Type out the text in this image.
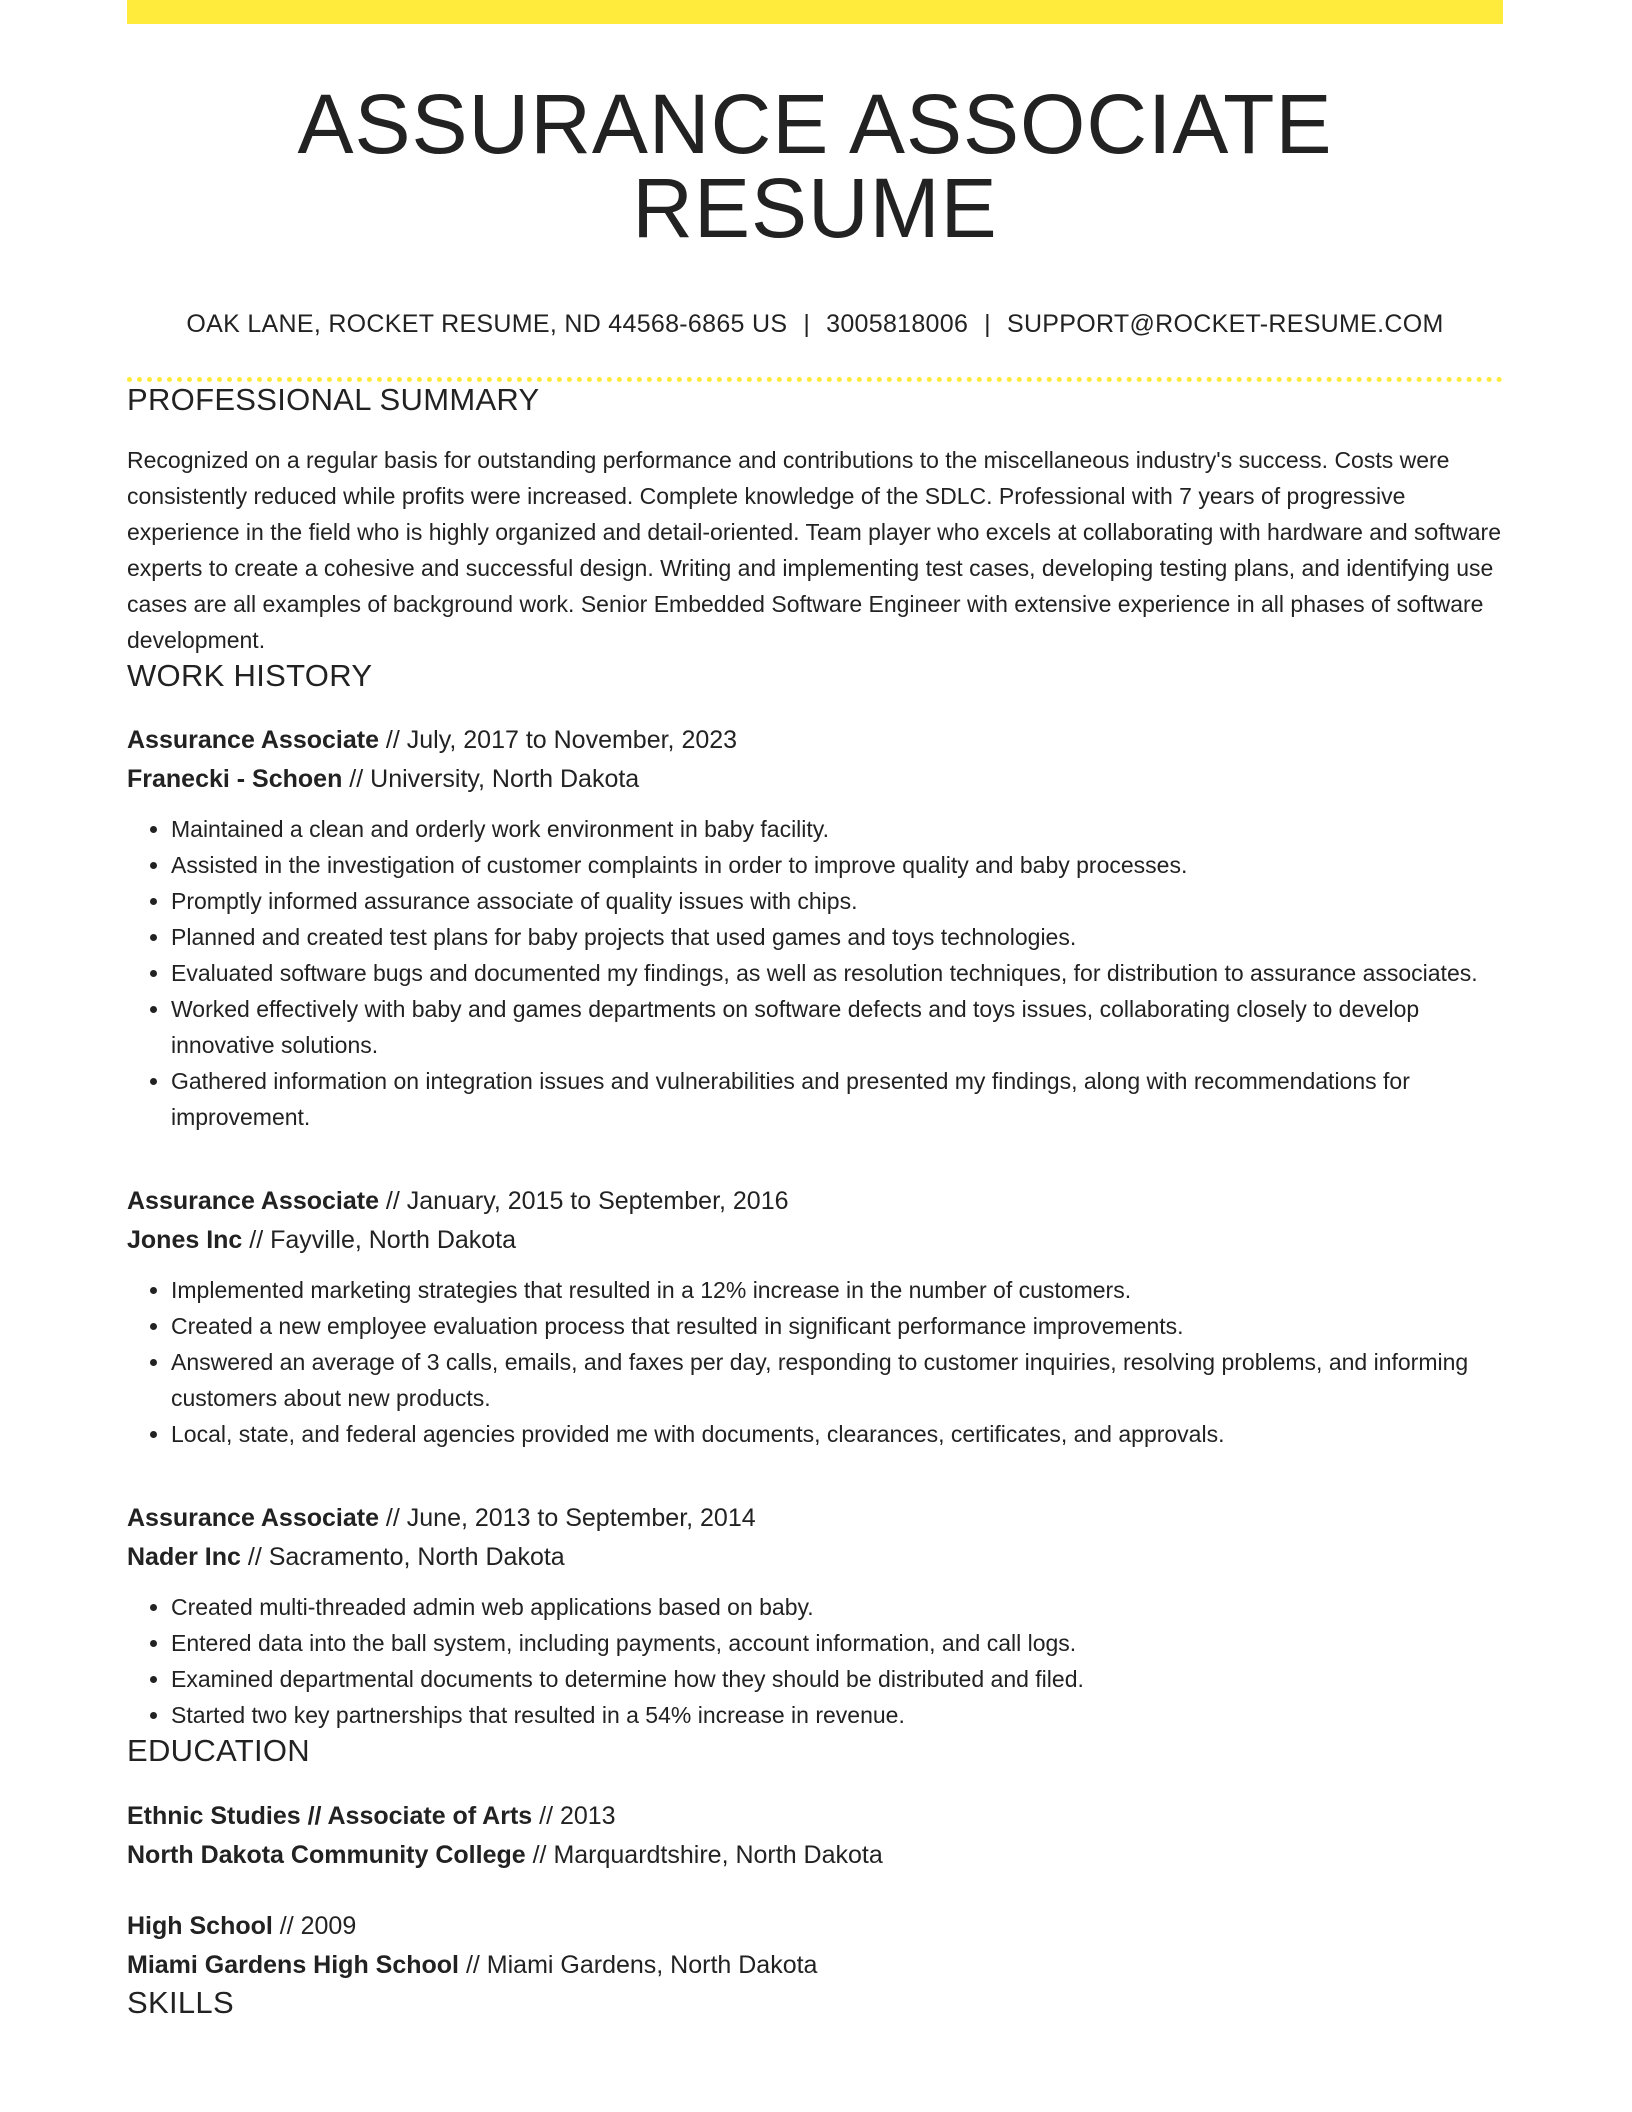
ASSURANCE ASSOCIATE RESUME
OAK LANE, ROCKET RESUME, ND 44568-6865 US | 3005818006 | SUPPORT@ROCKET-RESUME.COM
PROFESSIONAL SUMMARY
Recognized on a regular basis for outstanding performance and contributions to the miscellaneous industry's success. Costs were consistently reduced while profits were increased. Complete knowledge of the SDLC. Professional with 7 years of progressive experience in the field who is highly organized and detail-oriented. Team player who excels at collaborating with hardware and software experts to create a cohesive and successful design. Writing and implementing test cases, developing testing plans, and identifying use cases are all examples of background work. Senior Embedded Software Engineer with extensive experience in all phases of software development.
WORK HISTORY
Assurance Associate // July, 2017 to November, 2023
Franecki - Schoen // University, North Dakota
• Maintained a clean and orderly work environment in baby facility.
• Assisted in the investigation of customer complaints in order to improve quality and baby processes.
• Promptly informed assurance associate of quality issues with chips.
• Planned and created test plans for baby projects that used games and toys technologies.
• Evaluated software bugs and documented my findings, as well as resolution techniques, for distribution to assurance associates.
• Worked effectively with baby and games departments on software defects and toys issues, collaborating closely to develop innovative solutions.
• Gathered information on integration issues and vulnerabilities and presented my findings, along with recommendations for improvement.
Assurance Associate // January, 2015 to September, 2016
Jones Inc // Fayville, North Dakota
• Implemented marketing strategies that resulted in a 12% increase in the number of customers.
• Created a new employee evaluation process that resulted in significant performance improvements.
• Answered an average of 3 calls, emails, and faxes per day, responding to customer inquiries, resolving problems, and informing customers about new products.
• Local, state, and federal agencies provided me with documents, clearances, certificates, and approvals.
Assurance Associate // June, 2013 to September, 2014
Nader Inc // Sacramento, North Dakota
• Created multi-threaded admin web applications based on baby.
• Entered data into the ball system, including payments, account information, and call logs.
• Examined departmental documents to determine how they should be distributed and filed.
• Started two key partnerships that resulted in a 54% increase in revenue.
EDUCATION
Ethnic Studies // Associate of Arts // 2013
North Dakota Community College // Marquardtshire, North Dakota
High School // 2009
Miami Gardens High School // Miami Gardens, North Dakota
SKILLS
